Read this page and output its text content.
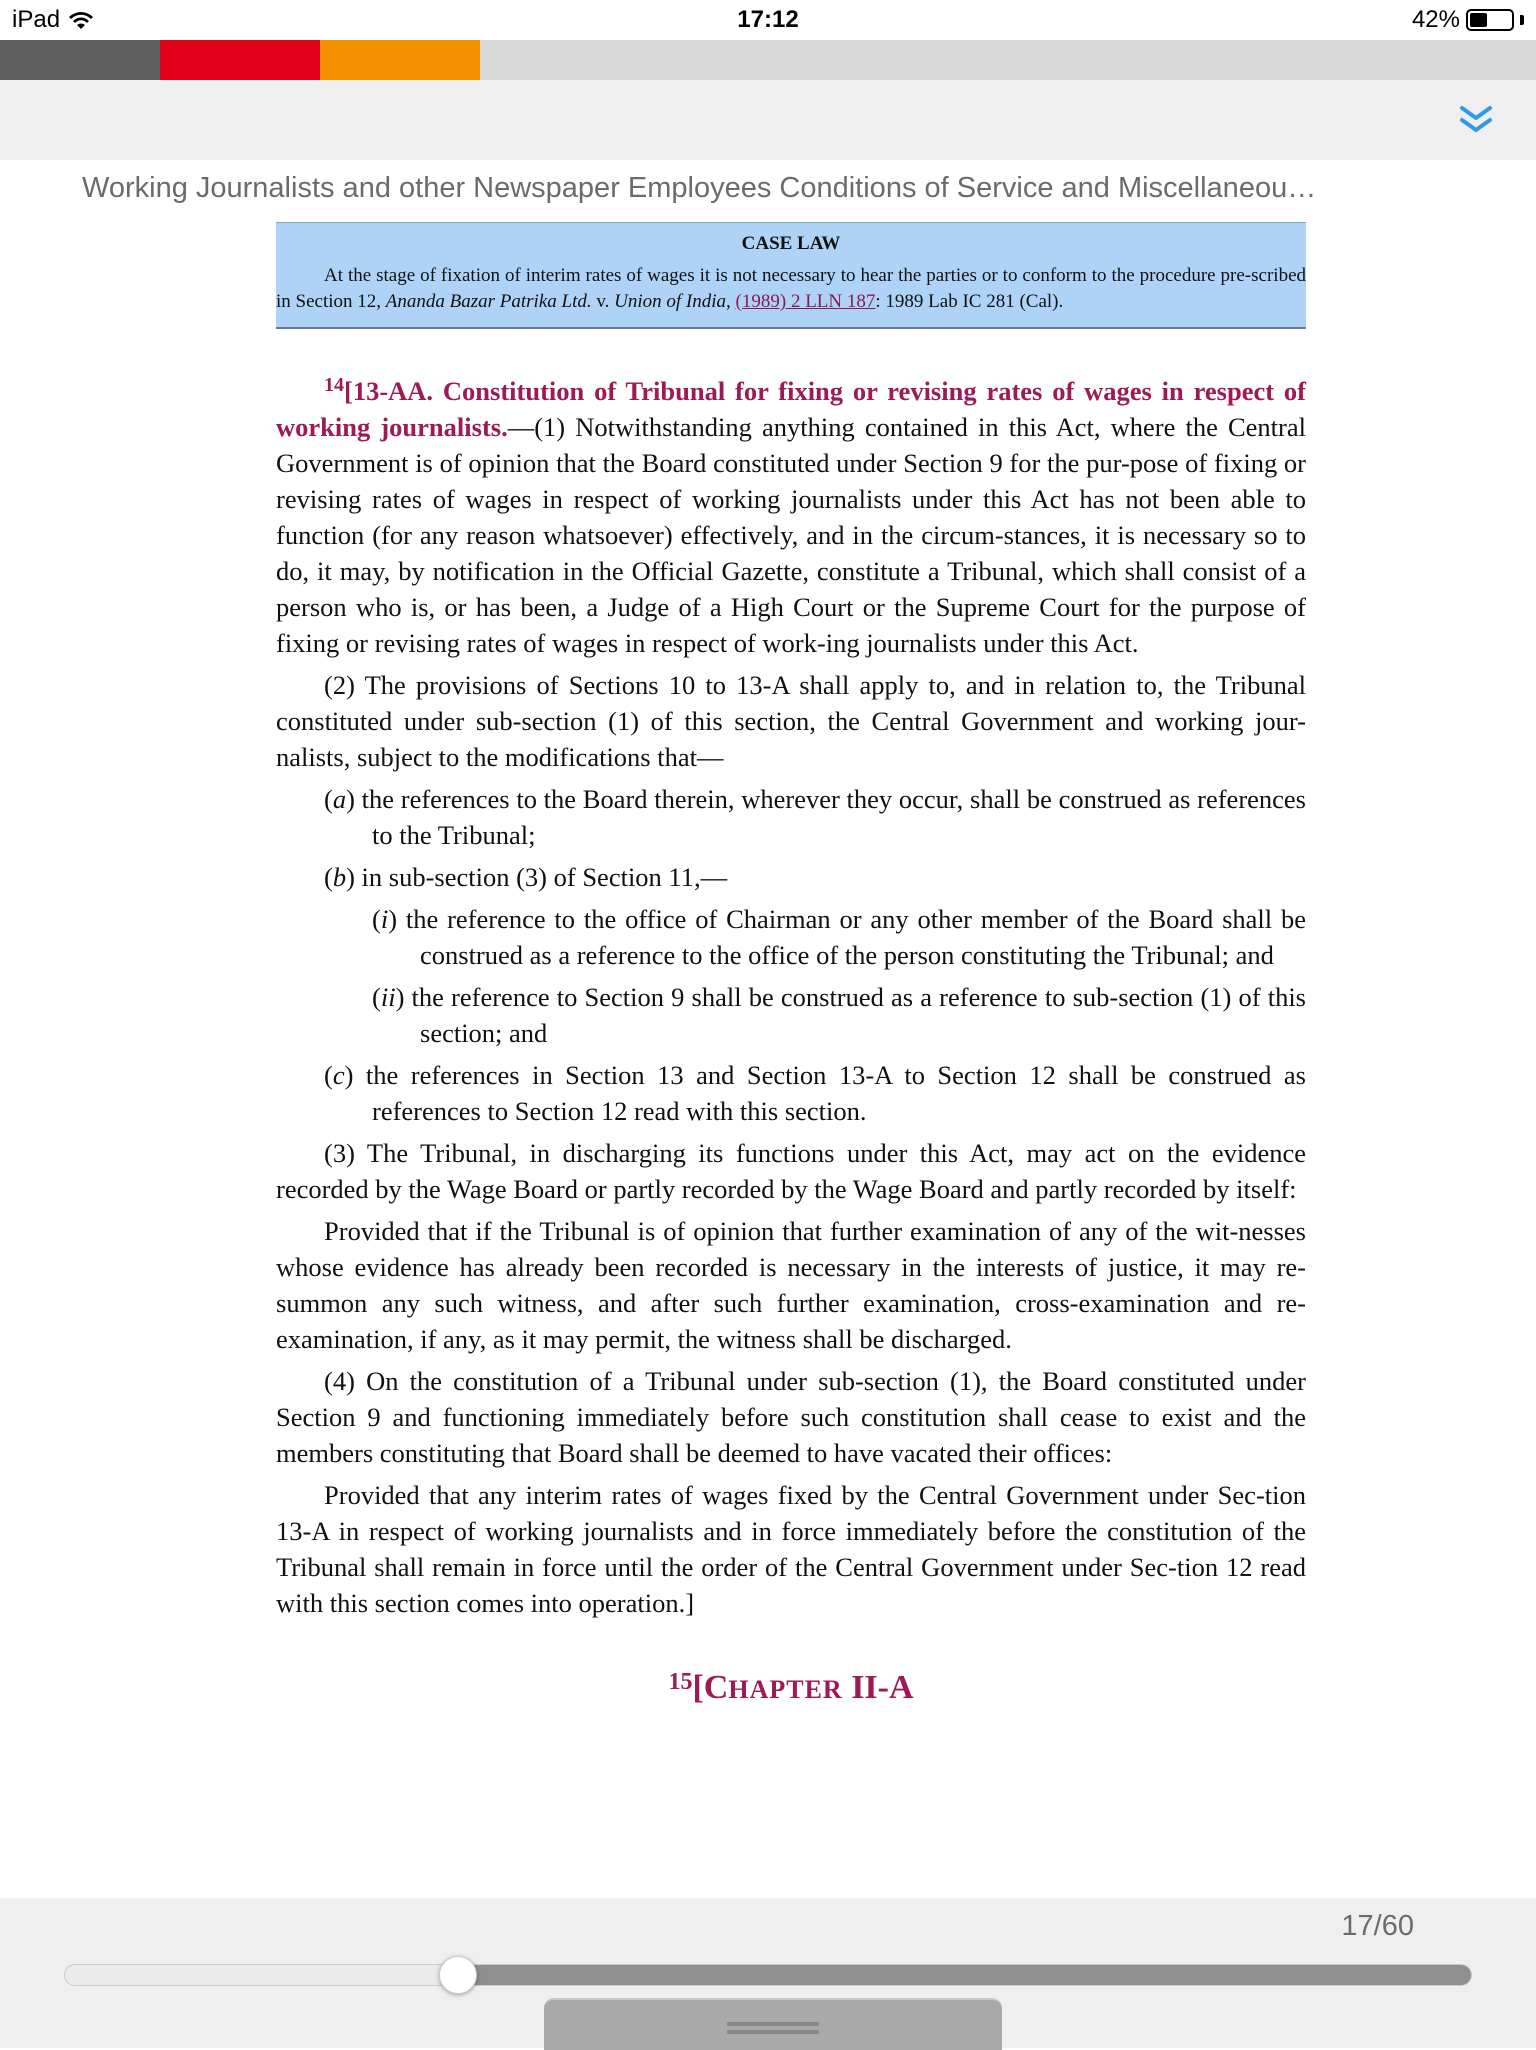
iPad	17:12	42%
Working Journalists and other Newspaper Employees Conditions of Service and Miscellaneou…
CASE LAW
At the stage of fixation of interim rates of wages it is not necessary to hear the parties or to conform to the procedure pre-scribed in Section 12, Ananda Bazar Patrika Ltd. v. Union of India, (1989) 2 LLN 187: 1989 Lab IC 281 (Cal).

$^{14}$[13-AA. Constitution of Tribunal for fixing or revising rates of wages in respect of working journalists.—(1) Notwithstanding anything contained in this Act, where the Central Government is of opinion that the Board constituted under Section 9 for the pur-pose of fixing or revising rates of wages in respect of working journalists under this Act has not been able to function (for any reason whatsoever) effectively, and in the circum-stances, it is necessary so to do, it may, by notification in the Official Gazette, constitute a Tribunal, which shall consist of a person who is, or has been, a Judge of a High Court or the Supreme Court for the purpose of fixing or revising rates of wages in respect of work-ing journalists under this Act.

(2) The provisions of Sections 10 to 13-A shall apply to, and in relation to, the Tribunal constituted under sub-section (1) of this section, the Central Government and working jour-nalists, subject to the modifications that—

(a) the references to the Board therein, wherever they occur, shall be construed as references to the Tribunal;

(b) in sub-section (3) of Section 11,—

(i) the reference to the office of Chairman or any other member of the Board shall be construed as a reference to the office of the person constituting the Tribunal; and

(ii) the reference to Section 9 shall be construed as a reference to sub-section (1) of this section; and

(c) the references in Section 13 and Section 13-A to Section 12 shall be construed as references to Section 12 read with this section.

(3) The Tribunal, in discharging its functions under this Act, may act on the evidence recorded by the Wage Board or partly recorded by the Wage Board and partly recorded by itself:

Provided that if the Tribunal is of opinion that further examination of any of the wit-nesses whose evidence has already been recorded is necessary in the interests of justice, it may re-summon any such witness, and after such further examination, cross-examination and re-examination, if any, as it may permit, the witness shall be discharged.

(4) On the constitution of a Tribunal under sub-section (1), the Board constituted under Section 9 and functioning immediately before such constitution shall cease to exist and the members constituting that Board shall be deemed to have vacated their offices:

Provided that any interim rates of wages fixed by the Central Government under Sec-tion 13-A in respect of working journalists and in force immediately before the constitution of the Tribunal shall remain in force until the order of the Central Government under Sec-tion 12 read with this section comes into operation.]

$^{15}$[CHAPTER II-A
17/60
